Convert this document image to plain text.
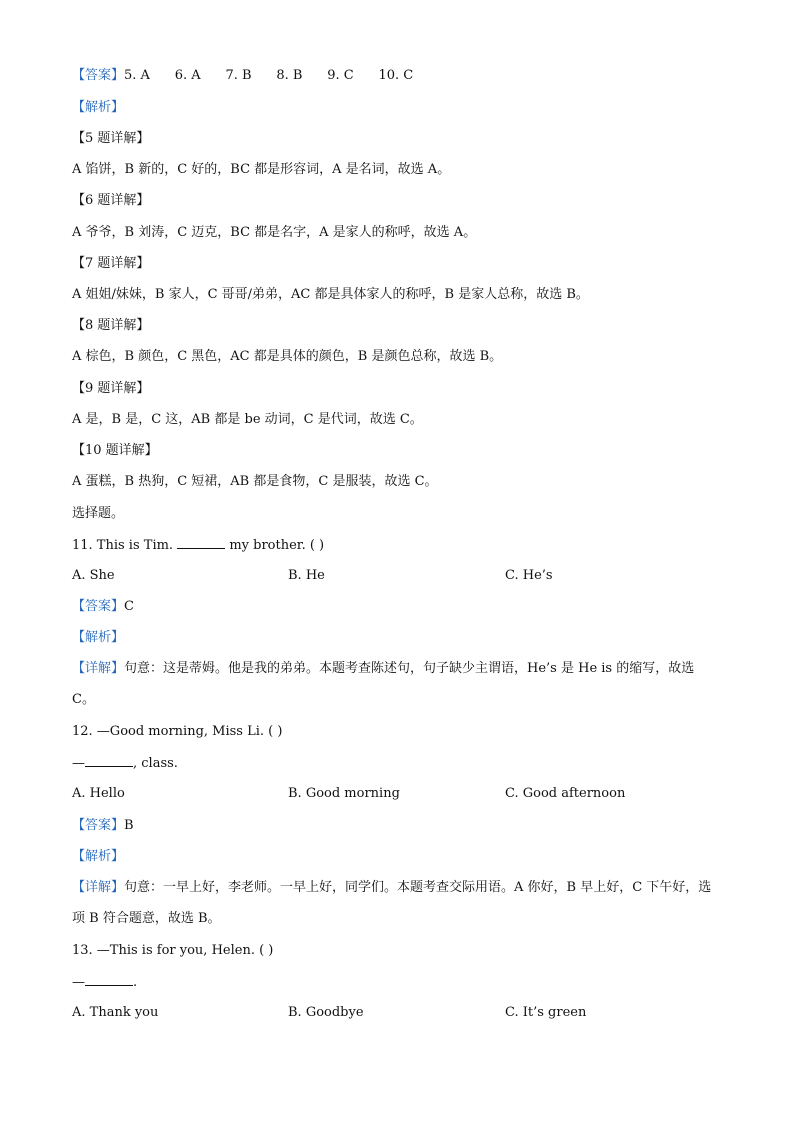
【答案】5. A      6. A      7. B      8. B      9. C      10. C
【解析】
【5 题详解】
A 馅饼，B 新的，C 好的，BC 都是形容词，A 是名词，故选 A。
【6 题详解】
A 爷爷，B 刘涛，C 迈克，BC 都是名字，A 是家人的称呼，故选 A。
【7 题详解】
A 姐姐/妹妹，B 家人，C 哥哥/弟弟，AC 都是具体家人的称呼，B 是家人总称，故选 B。
【8 题详解】
A 棕色，B 颜色，C 黑色，AC 都是具体的颜色，B 是颜色总称，故选 B。
【9 题详解】
A 是，B 是，C 这，AB 都是 be 动词，C 是代词，故选 C。
【10 题详解】
A 蛋糕，B 热狗，C 短裙，AB 都是食物，C 是服装，故选 C。
选择题。
11. This is Tim.	my brother. ( )
A. She	B. He	C. He’s
【答案】C
【解析】
【详解】句意：这是蒂姆。他是我的弟弟。本题考查陈述句，句子缺少主谓语，He’s 是 He is 的缩写，故选 C。
12. —Good morning, Miss Li. ( )
—	, class.
A. Hello	B. Good morning	C. Good afternoon
【答案】B
【解析】
【详解】句意：一早上好，李老师。一早上好，同学们。本题考查交际用语。A 你好，B 早上好，C 下午好，选项 B 符合题意，故选 B。
13. —This is for you, Helen. ( )
—	.
A. Thank you	B. Goodbye	C. It’s green
